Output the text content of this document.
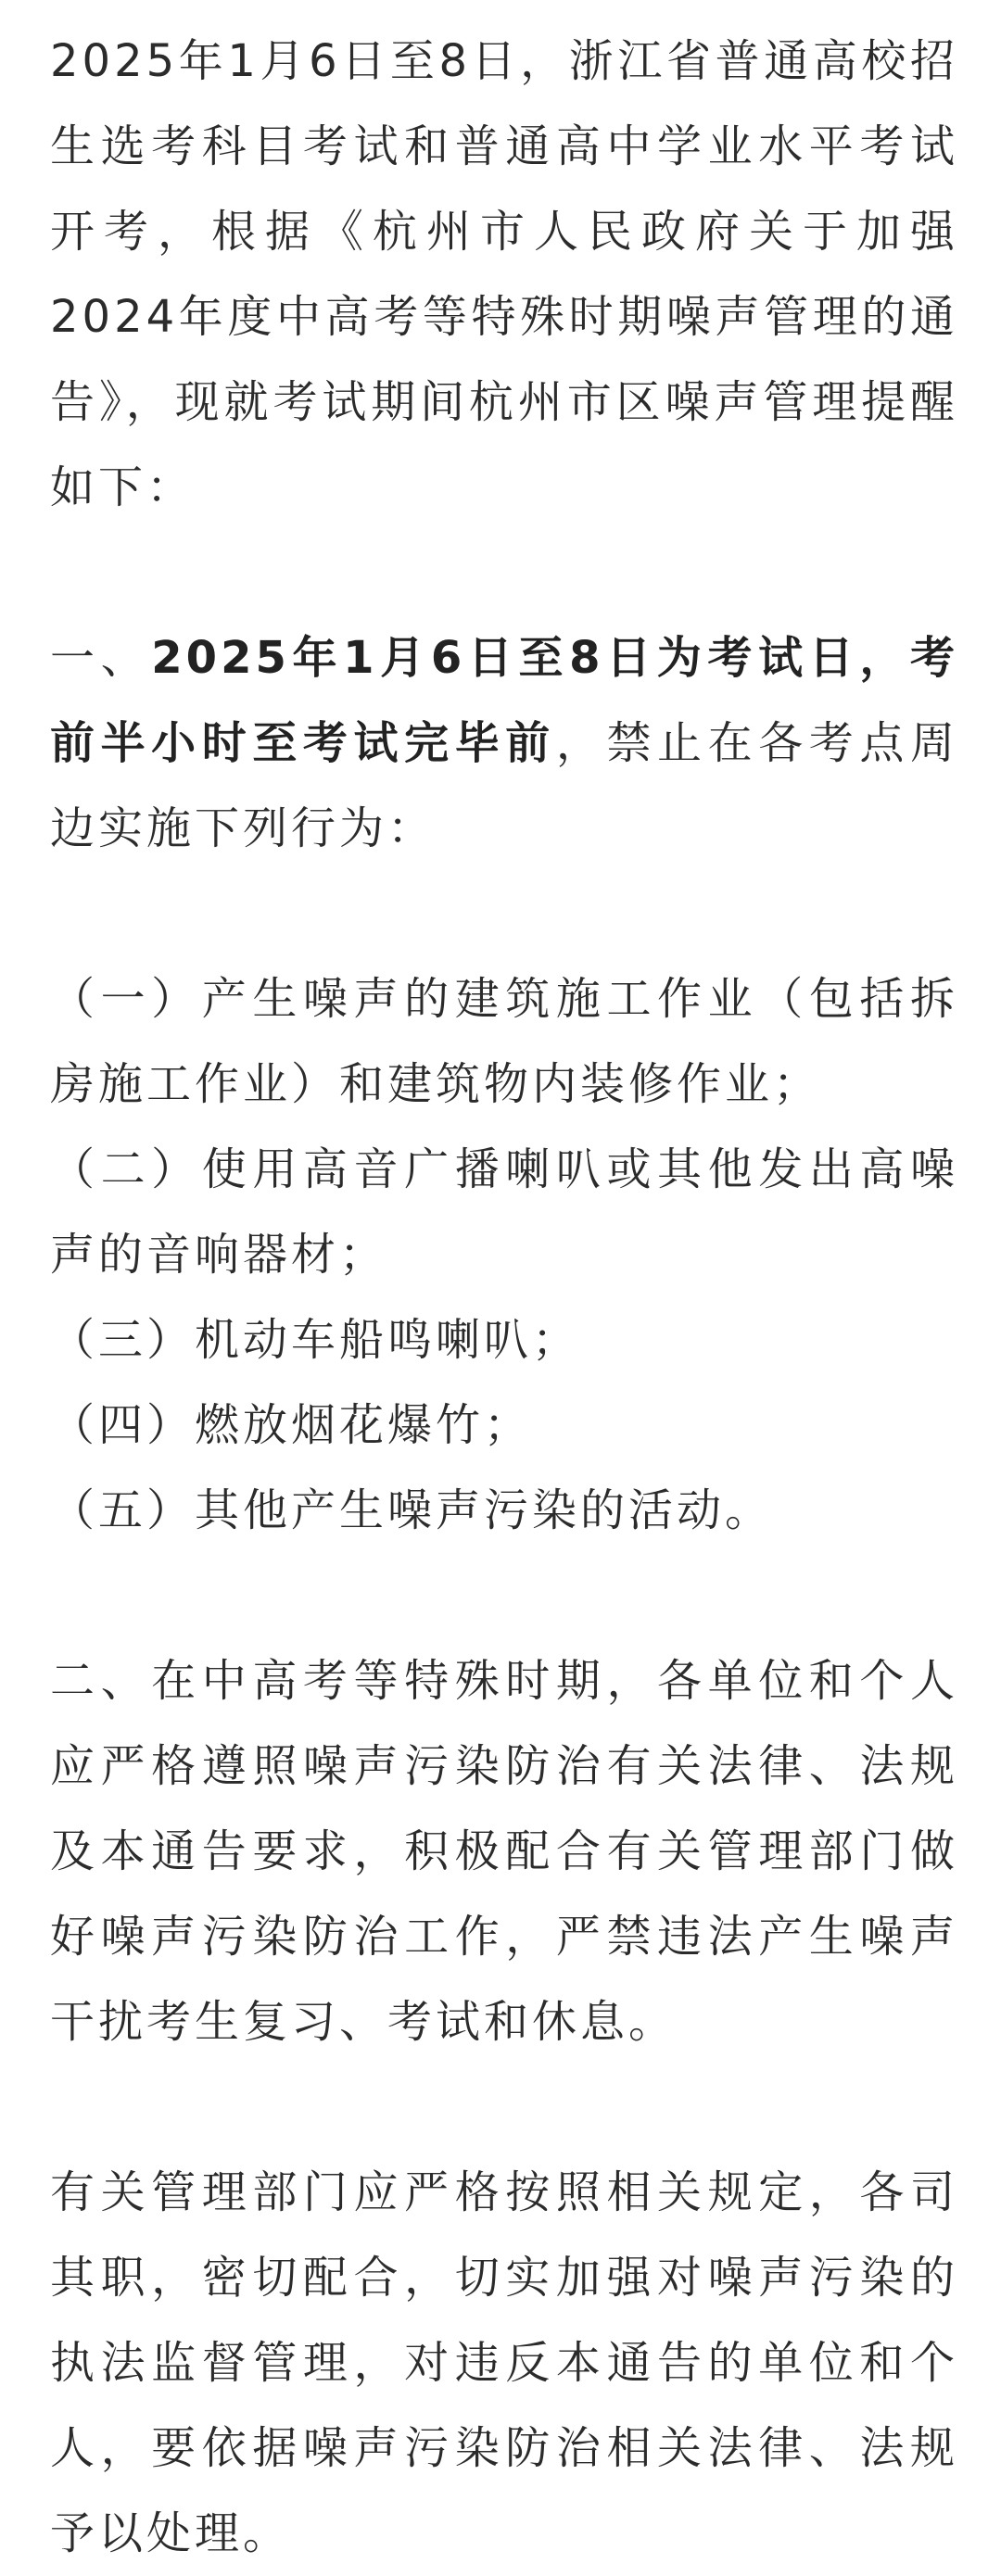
2025年1月6日至8日，浙江省普通高校招生选考科目考试和普通高中学业水平考试开考，根据《杭州市人民政府关于加强2024年度中高考等特殊时期噪声管理的通告》，现就考试期间杭州市区噪声管理提醒如下：

一、2025年1月6日至8日为考试日，考前半小时至考试完毕前，禁止在各考点周边实施下列行为：

（一）产生噪声的建筑施工作业（包括拆房施工作业）和建筑物内装修作业；

（二）使用高音广播喇叭或其他发出高噪声的音响器材；

（三）机动车船鸣喇叭；

（四）燃放烟花爆竹；

（五）其他产生噪声污染的活动。

二、在中高考等特殊时期，各单位和个人应严格遵照噪声污染防治有关法律、法规及本通告要求，积极配合有关管理部门做好噪声污染防治工作，严禁违法产生噪声干扰考生复习、考试和休息。

有关管理部门应严格按照相关规定，各司其职，密切配合，切实加强对噪声污染的执法监督管理，对违反本通告的单位和个人，要依据噪声污染防治相关法律、法规予以处理。
